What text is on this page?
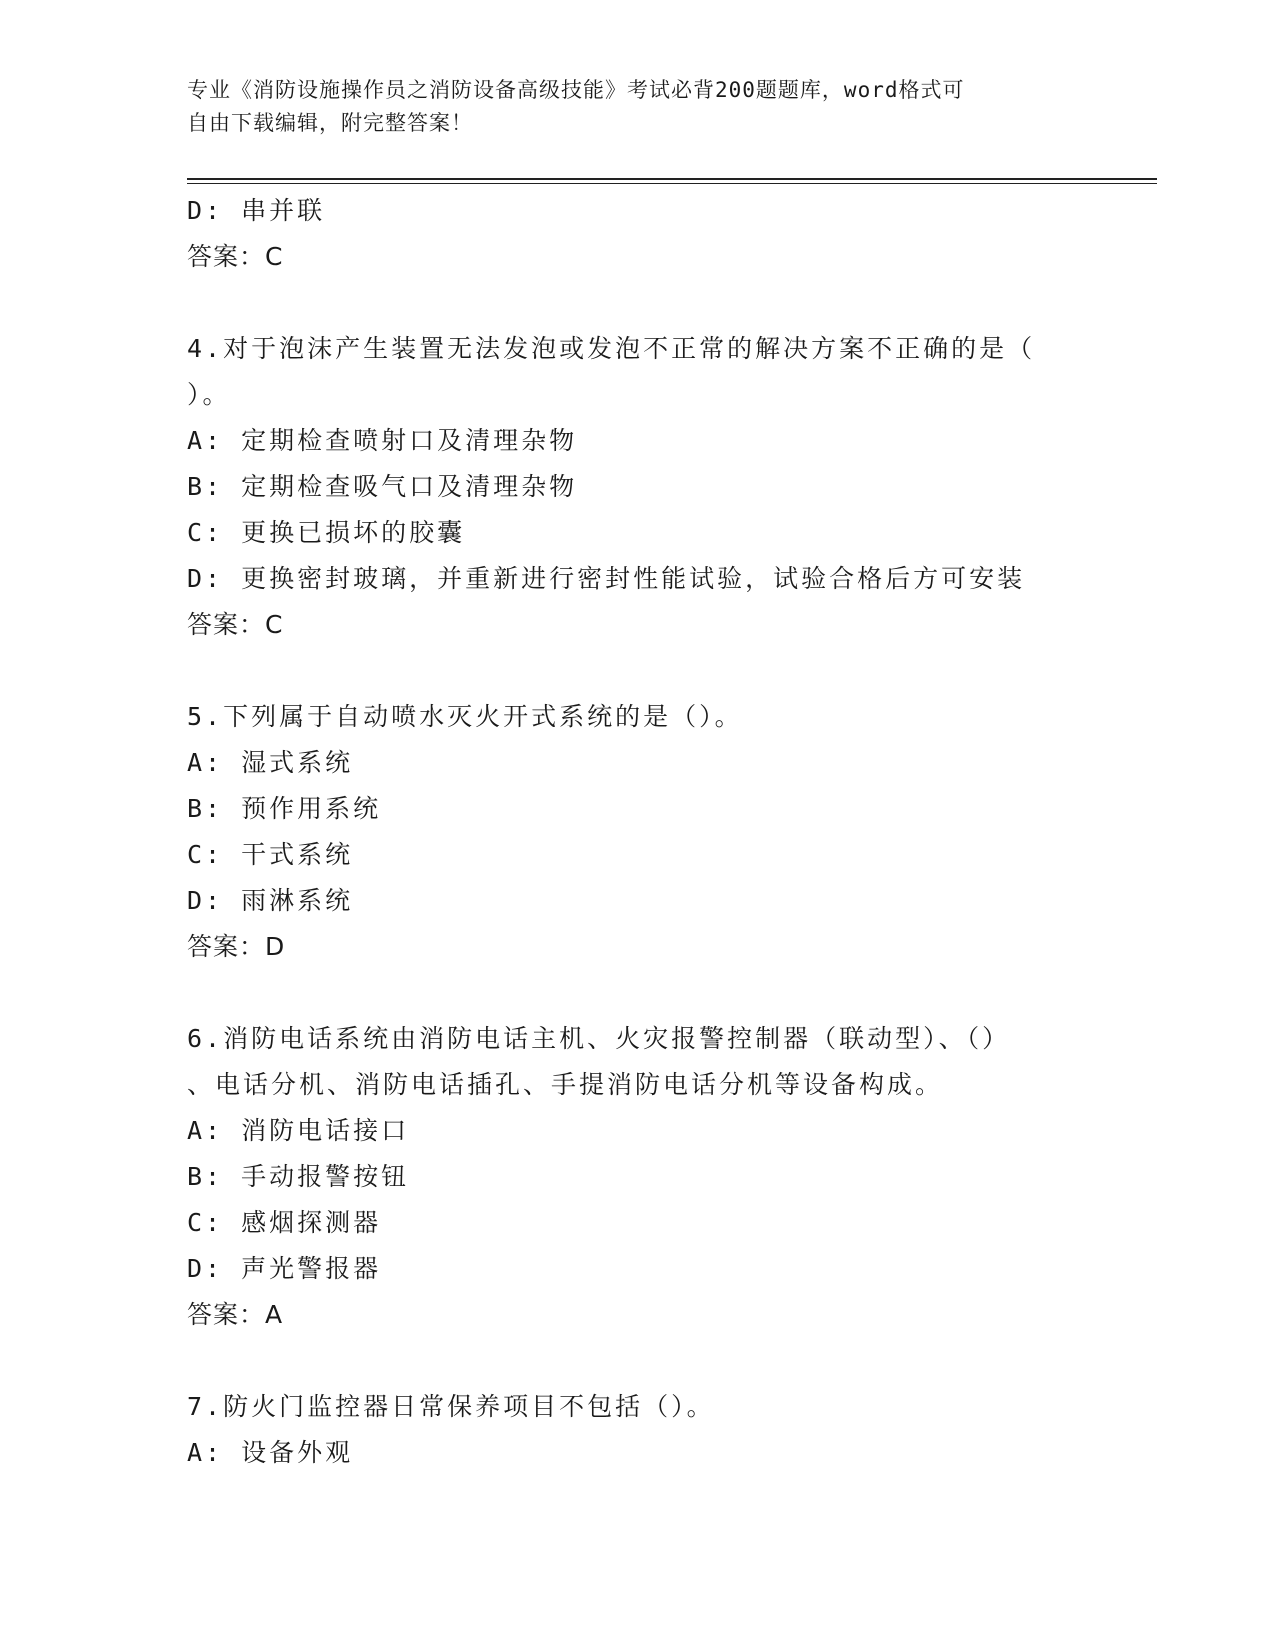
专业《消防设施操作员之消防设备高级技能》考试必背200题题库，word格式可
自由下载编辑，附完整答案！
D: 串并联
答案：C
4.对于泡沫产生装置无法发泡或发泡不正常的解决方案不正确的是（
）。
A: 定期检查喷射口及清理杂物
B: 定期检查吸气口及清理杂物
C: 更换已损坏的胶囊
D: 更换密封玻璃，并重新进行密封性能试验，试验合格后方可安装
答案：C
5.下列属于自动喷水灭火开式系统的是（）。
A: 湿式系统
B: 预作用系统
C: 干式系统
D: 雨淋系统
答案：D
6.消防电话系统由消防电话主机、火灾报警控制器（联动型）、（）
、电话分机、消防电话插孔、手提消防电话分机等设备构成。
A: 消防电话接口
B: 手动报警按钮
C: 感烟探测器
D: 声光警报器
答案：A
7.防火门监控器日常保养项目不包括（）。
A: 设备外观
